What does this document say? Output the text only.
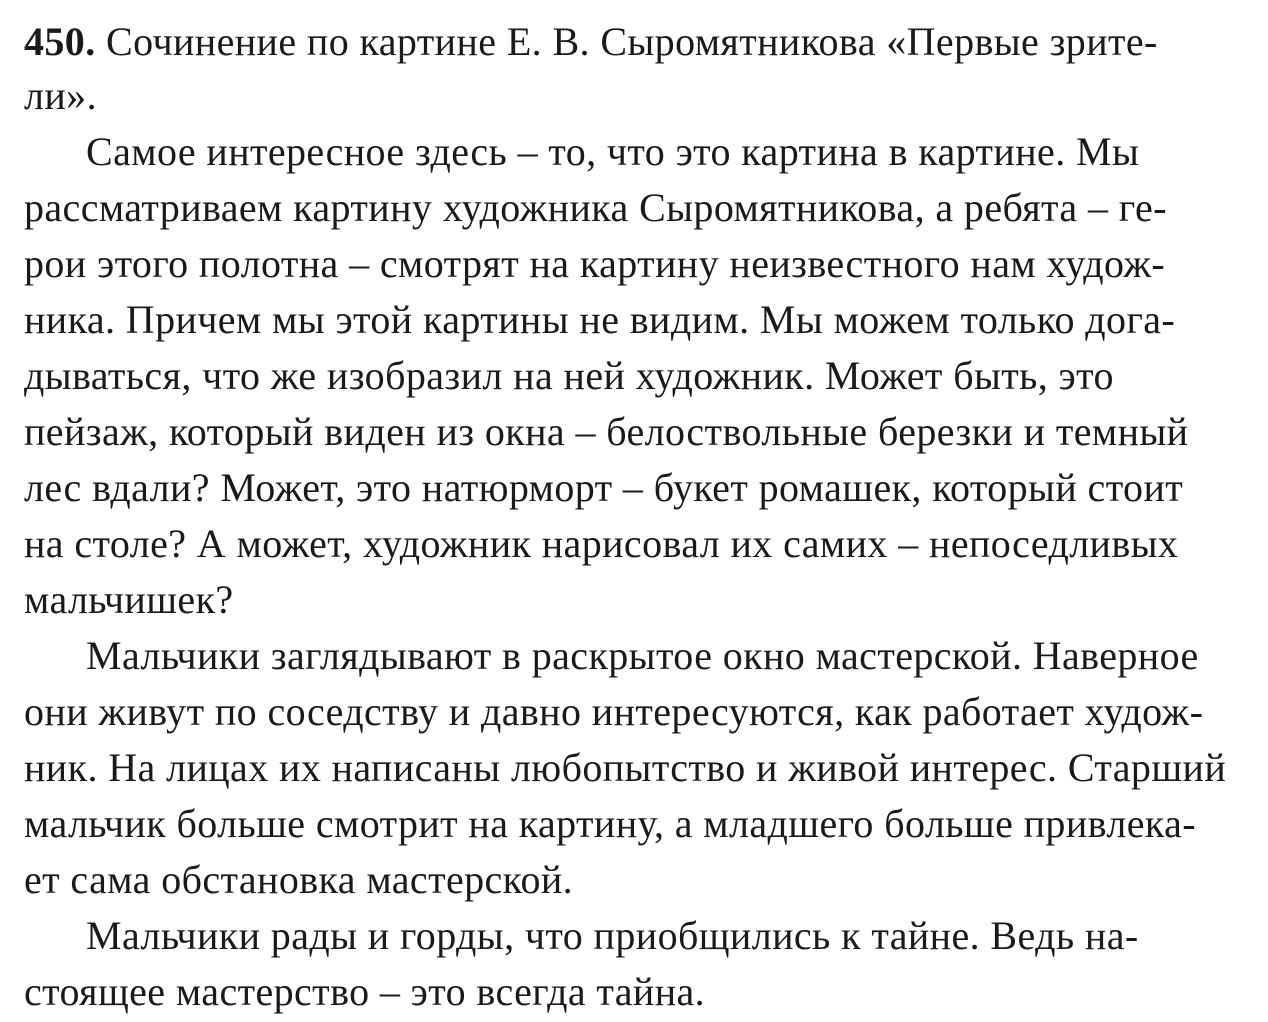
450. Сочинение по картине Е. В. Сыромятникова «Первые зрите-
ли».
Самое интересное здесь – то, что это картина в картине. Мы
рассматриваем картину художника Сыромятникова, а ребята – ге-
рои этого полотна – смотрят на картину неизвестного нам худож-
ника. Причем мы этой картины не видим. Мы можем только дога-
дываться, что же изобразил на ней художник. Может быть, это
пейзаж, который виден из окна – белоствольные березки и темный
лес вдали? Может, это натюрморт – букет ромашек, который стоит
на столе? А может, художник нарисовал их самих – непоседливых
мальчишек?
Мальчики заглядывают в раскрытое окно мастерской. Наверное
они живут по соседству и давно интересуются, как работает худож-
ник. На лицах их написаны любопытство и живой интерес. Старший
мальчик больше смотрит на картину, а младшего больше привлека-
ет сама обстановка мастерской.
Мальчики рады и горды, что приобщились к тайне. Ведь на-
стоящее мастерство – это всегда тайна.
